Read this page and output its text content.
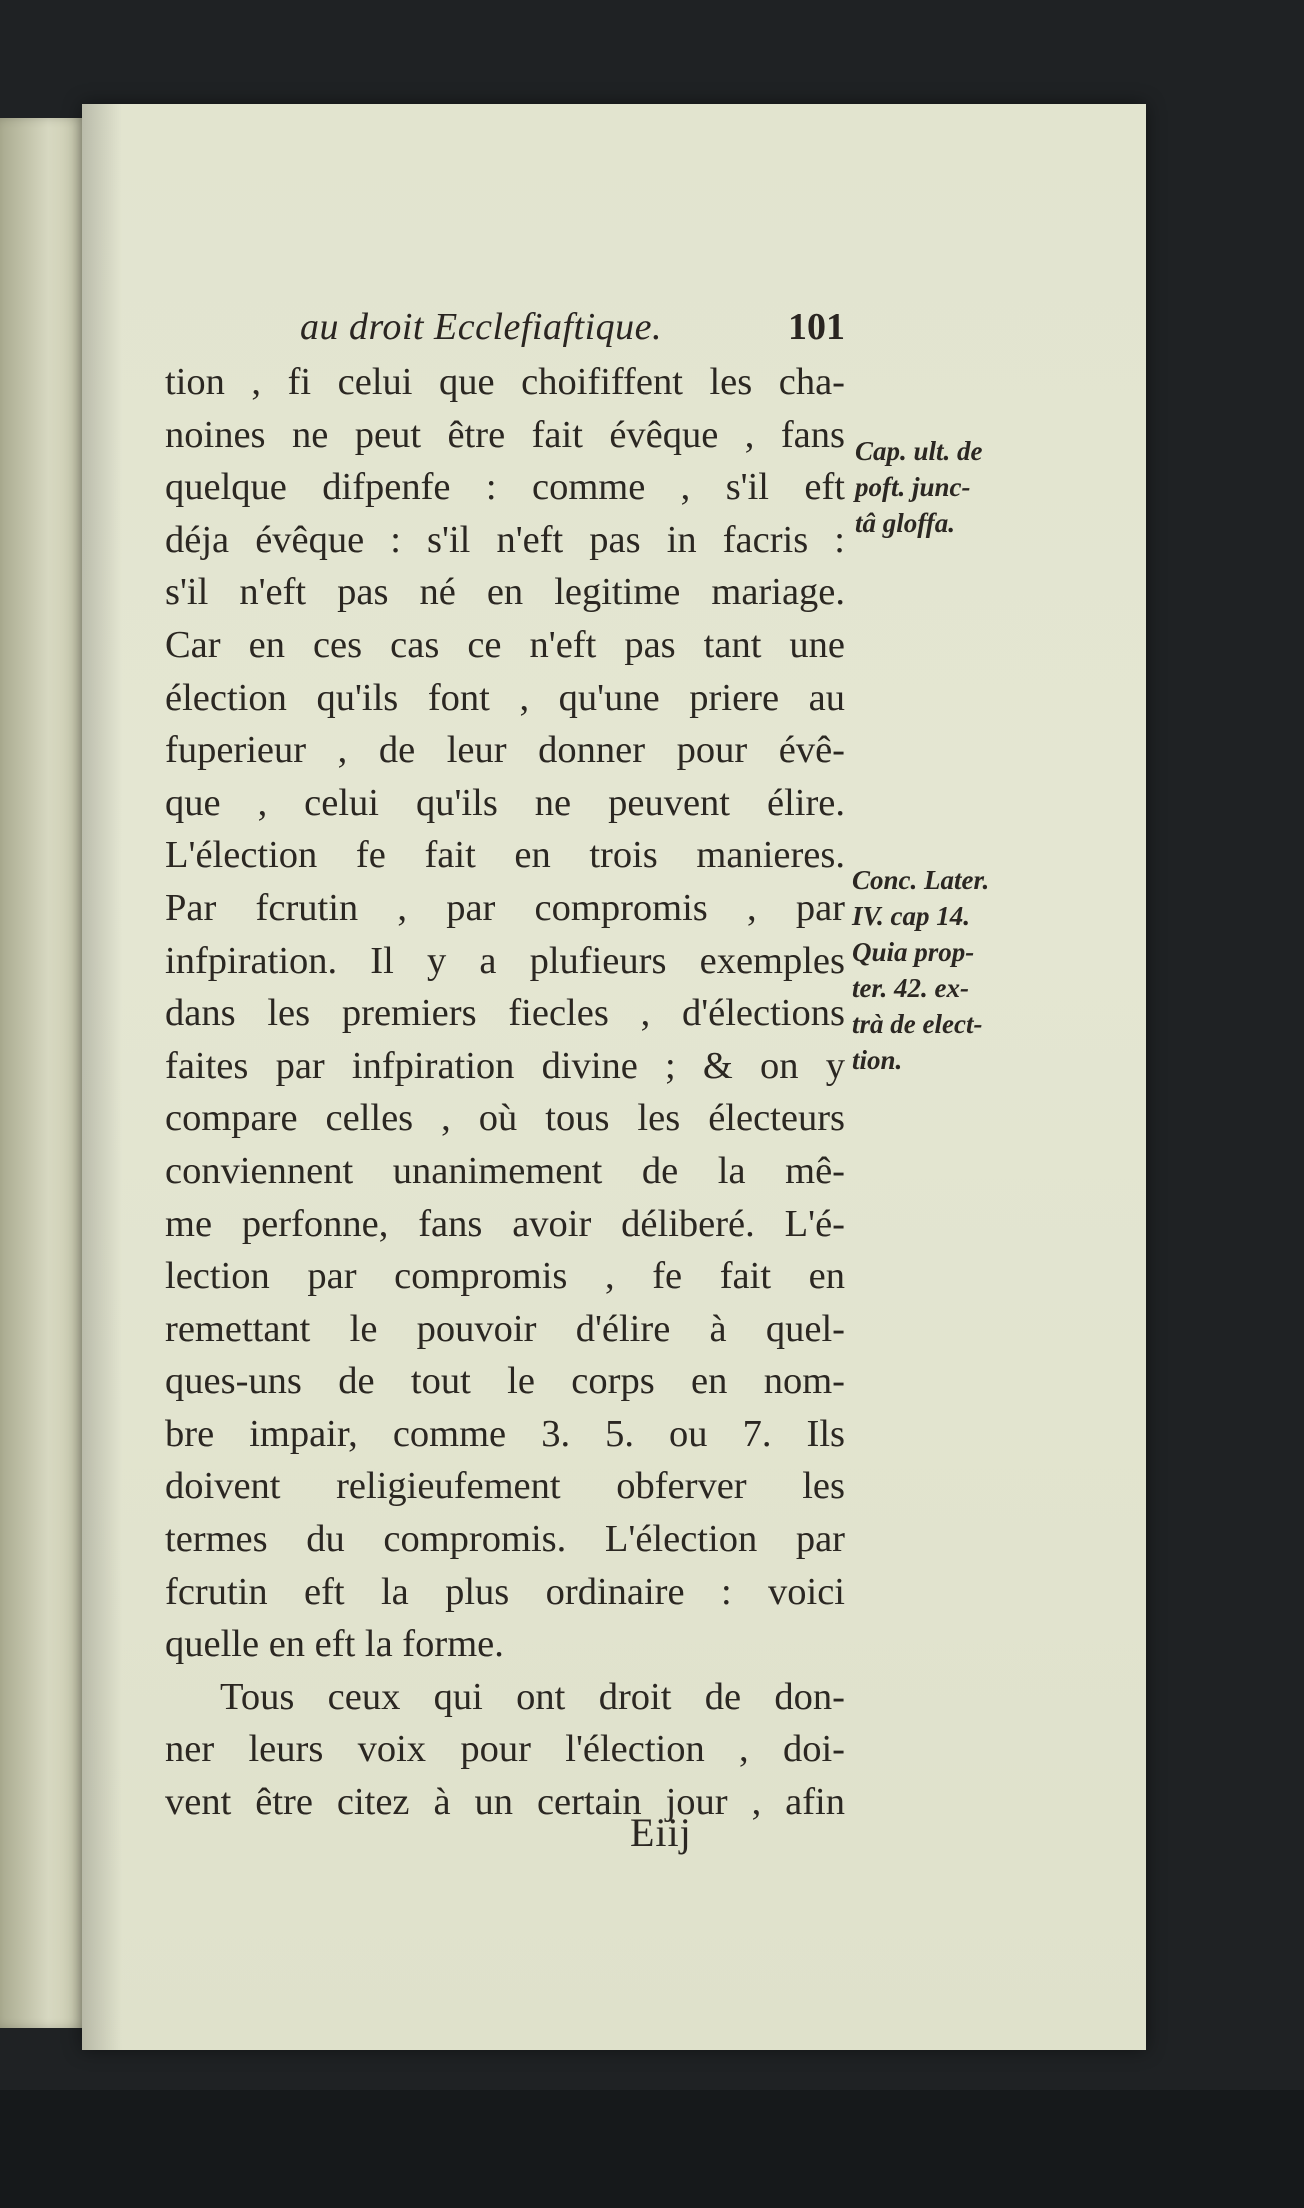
au droit Ecclefiaftique.	101
tion , fi celui que choififfent les cha-
noines ne peut être fait évêque , fans
quelque difpenfe : comme , s'il eft
déja évêque : s'il n'eft pas in facris :
s'il n'eft pas né en legitime mariage.
Car en ces cas ce n'eft pas tant une
élection qu'ils font , qu'une priere au
fuperieur , de leur donner pour évê-
que , celui qu'ils ne peuvent élire.
L'élection fe fait en trois manieres.
Par fcrutin , par compromis , par
infpiration. Il y a plufieurs exemples
dans les premiers fiecles , d'élections
faites par infpiration divine ; & on y
compare celles , où tous les électeurs
conviennent unanimement de la mê-
me perfonne, fans avoir déliberé. L'é-
lection par compromis , fe fait en
remettant le pouvoir d'élire à quel-
ques-uns de tout le corps en nom-
bre impair, comme 3. 5. ou 7. Ils
doivent religieufement obferver les
termes du compromis. L'élection par
fcrutin eft la plus ordinaire : voici
quelle en eft la forme.
Tous ceux qui ont droit de don-
ner leurs voix pour l'élection , doi-
vent être citez à un certain jour , afin
Cap. ult. de
poft. junc-
tâ gloffa.
Conc. Later.
IV. cap 14.
Quia prop-
ter. 42. ex-
trà de elect-
tion.
Eiij
